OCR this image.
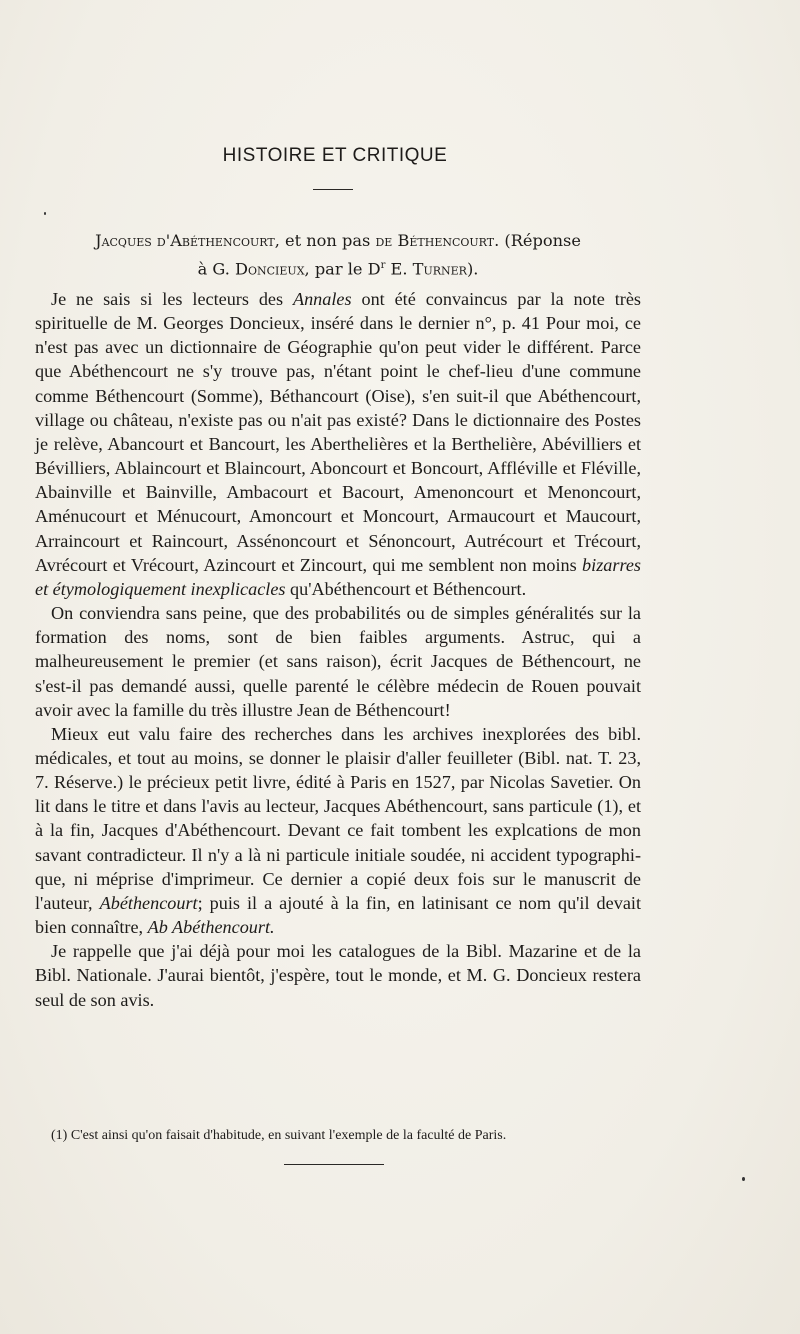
HISTOIRE ET CRITIQUE
Jacques d'Abéthencourt, et non pas de Béthencourt. (Réponse
à G. Doncieux, par le $D^r$ E. Turner).

Je ne sais si les lecteurs des Annales ont été convaincus par la note très spirituelle de M. Georges Doncieux, inséré dans le dernier n°, p. 41 Pour moi, ce n'est pas avec un dictionnaire de Géographie qu'on peut vider le différent. Parce que Abéthencourt ne s'y trouve pas, n'étant point le chef-lieu d'une commune comme Béthencourt (Somme), Béthancourt (Oise), s'en suit-il que Abéthencourt, village ou château, n'existe pas ou n'ait pas existé? Dans le dictionnaire des Postes je relève, Abancourt et Bancourt, les Aberthelières et la Berthelière, Abévilliers et Bévilliers, Ablaincourt et Blaincourt, Aboncourt et Boncourt, Affléville et Fléville, Abainville et Bainville, Ambacourt et Bacourt, Amenoncourt et Menoncourt, Aménucourt et Ménucourt, Amoncourt et Moncourt, Armaucourt et Maucourt, Arraincourt et Raincourt, Assénoncourt et Sénoncourt, Autrécourt et Trécourt, Avrécourt et Vrécourt, Azincourt et Zincourt, qui me semblent non moins bizarres et étymologiquement inexplicacles qu'Abéthencourt et Béthencourt.

On conviendra sans peine, que des probabilités ou de simples généralités sur la formation des noms, sont de bien faibles arguments. Astruc, qui a malheureusement le premier (et sans raison), écrit Jacques de Béthencourt, ne s'est-il pas demandé aussi, quelle parenté le célèbre médecin de Rouen pouvait avoir avec la famille du très illustre Jean de Béthencourt!

Mieux eut valu faire des recherches dans les archives inexplorées des bibl. médicales, et tout au moins, se donner le plaisir d'aller feuilleter (Bibl. nat. T. 23, 7. Réserve.) le précieux petit livre, édité à Paris en 1527, par Nicolas Savetier. On lit dans le titre et dans l'avis au lecteur, Jacques Abéthencourt, sans particule (1), et à la fin, Jacques d'Abéthencourt. Devant ce fait tombent les explcations de mon savant contradicteur. Il n'y a là ni particule initiale soudée, ni accident typographique, ni méprise d'imprimeur. Ce dernier a copié deux fois sur le manuscrit de l'auteur, Abéthencourt; puis il a ajouté à la fin, en latinisant ce nom qu'il devait bien connaître, Ab Abéthencourt.

Je rappelle que j'ai déjà pour moi les catalogues de la Bibl. Mazarine et de la Bibl. Nationale. J'aurai bientôt, j'espère, tout le monde, et M. G. Doncieux restera seul de son avis.

(1) C'est ainsi qu'on faisait d'habitude, en suivant l'exemple de la faculté de Paris.
